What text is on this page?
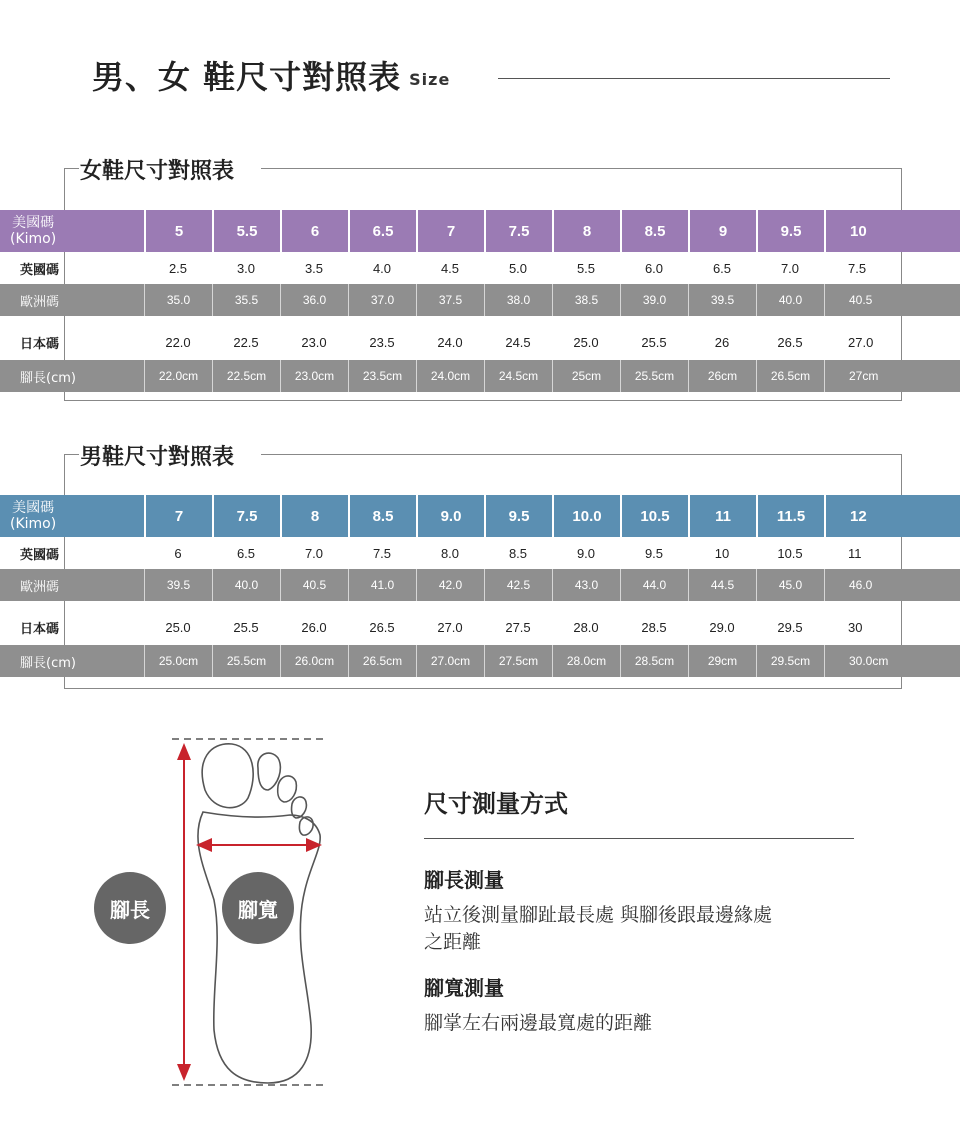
男、女 鞋尺寸對照表 Size
女鞋尺寸對照表
美國碼
(Kimo)	5	5.5	6	6.5	7	7.5	8	8.5	9	9.5	10
英國碼	2.5	3.0	3.5	4.0	4.5	5.0	5.5	6.0	6.5	7.0	7.5
歐洲碼	35.0	35.5	36.0	37.0	37.5	38.0	38.5	39.0	39.5	40.0	40.5
日本碼	22.0	22.5	23.0	23.5	24.0	24.5	25.0	25.5	26	26.5	27.0
腳長(cm)	22.0cm	22.5cm	23.0cm	23.5cm	24.0cm	24.5cm	25cm	25.5cm	26cm	26.5cm	27cm
男鞋尺寸對照表
美國碼
(Kimo)	7	7.5	8	8.5	9.0	9.5	10.0	10.5	11	11.5	12
英國碼	6	6.5	7.0	7.5	8.0	8.5	9.0	9.5	10	10.5	11
歐洲碼	39.5	40.0	40.5	41.0	42.0	42.5	43.0	44.0	44.5	45.0	46.0
日本碼	25.0	25.5	26.0	26.5	27.0	27.5	28.0	28.5	29.0	29.5	30
腳長(cm)	25.0cm	25.5cm	26.0cm	26.5cm	27.0cm	27.5cm	28.0cm	28.5cm	29cm	29.5cm	30.0cm
腳長	腳寬
尺寸測量方式
腳長測量
站立後測量腳趾最長處 與腳後跟最邊緣處
之距離
腳寬測量
腳掌左右兩邊最寬處的距離
